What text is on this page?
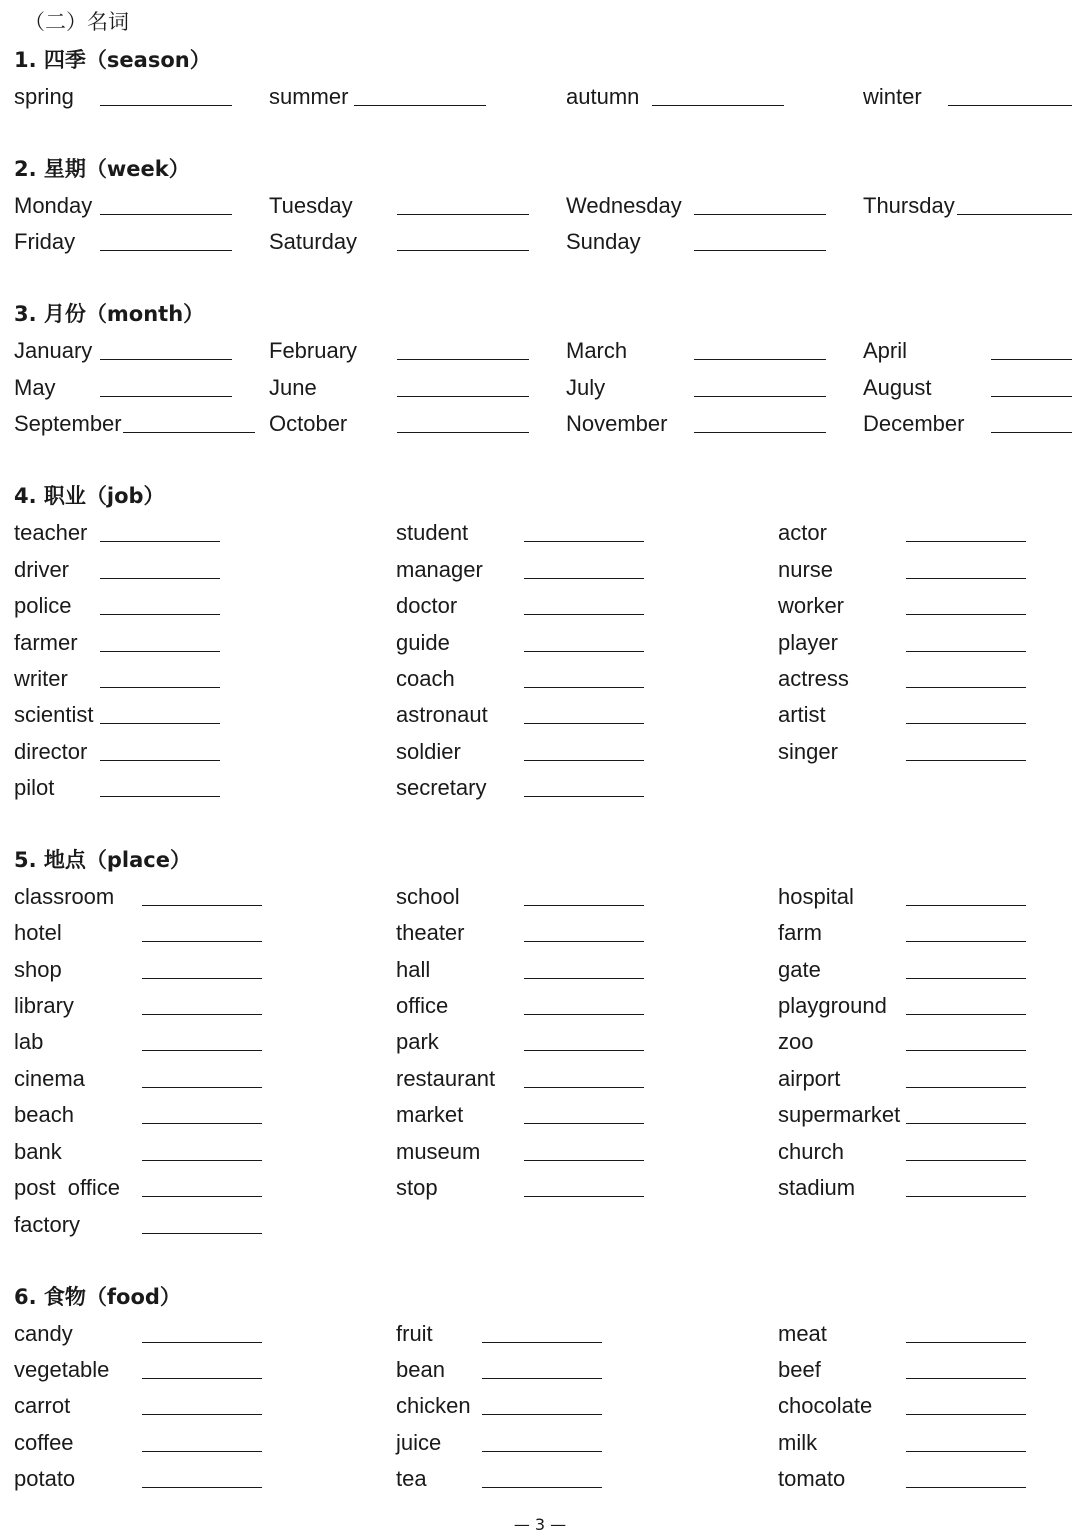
（二）名词
1. 四季（season）
spring	summer	autumn	winter
2. 星期（week）
Monday	Tuesday	Wednesday	Thursday
Friday	Saturday	Sunday
3. 月份（month）
January	February	March	April
May	June	July	August
September	October	November	December
4. 职业（job）
teacher	student	actor
driver	manager	nurse
police	doctor	worker
farmer	guide	player
writer	coach	actress
scientist	astronaut	artist
director	soldier	singer
pilot	secretary
5. 地点（place）
classroom	school	hospital
hotel	theater	farm
shop	hall	gate
library	office	playground
lab	park	zoo
cinema	restaurant	airport
beach	market	supermarket
bank	museum	church
post  office	stop	stadium
factory
6. 食物（food）
candy	fruit	meat
vegetable	bean	beef
carrot	chicken	chocolate
coffee	juice	milk
potato	tea	tomato
— 3 —
